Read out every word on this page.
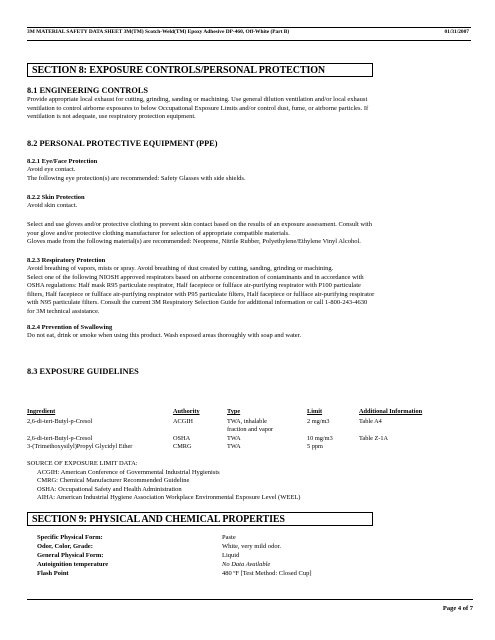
3M MATERIAL SAFETY DATA SHEET 3M(TM) Scotch-Weld(TM) Epoxy Adhesive DP-460, Off-White (Part B)	01/31/2007
SECTION 8: EXPOSURE CONTROLS/PERSONAL PROTECTION
8.1 ENGINEERING CONTROLS
Provide appropriate local exhaust for cutting, grinding, sanding or machining. Use general dilution ventilation and/or local exhaust
ventilation to control airborne exposures to below Occupational Exposure Limits and/or control dust, fume, or airborne particles. If
ventilation is not adequate, use respiratory protection equipment.
8.2 PERSONAL PROTECTIVE EQUIPMENT (PPE)
8.2.1 Eye/Face Protection
Avoid eye contact.
The following eye protection(s) are recommended: Safety Glasses with side shields.
8.2.2 Skin Protection
Avoid skin contact.
Select and use gloves and/or protective clothing to prevent skin contact based on the results of an exposure assessment. Consult with
your glove and/or protective clothing manufacturer for selection of appropriate compatible materials.
Gloves made from the following material(s) are recommended: Neoprene, Nitrile Rubber, Polyethylene/Ethylene Vinyl Alcohol.
8.2.3 Respiratory Protection
Avoid breathing of vapors, mists or spray. Avoid breathing of dust created by cutting, sanding, grinding or machining.
Select one of the following NIOSH approved respirators based on airborne concentration of contaminants and in accordance with
OSHA regulations: Half mask R95 particulate respirator, Half facepiece or fullface air-purifying respirator with P100 particulate
filters, Half facepiece or fullface air-purifying respirator with P95 particulate filters, Half facepiece or fullface air-purifying respirator
with N95 particulate filters. Consult the current 3M Respiratory Selection Guide for additional information or call 1-800-243-4630
for 3M technical assistance.
8.2.4 Prevention of Swallowing
Do not eat, drink or smoke when using this product. Wash exposed areas thoroughly with soap and water.
8.3 EXPOSURE GUIDELINES
Ingredient	Authority	Type	Limit	Additional Information
2,6-di-tert-Butyl-p-Cresol	ACGIH	TWA, inhalable	2 mg/m3	Table A4
fraction and vapor
2,6-di-tert-Butyl-p-Cresol	OSHA	TWA	10 mg/m3	Table Z-1A
3-(Trimethoxysilyl)Propyl Glycidyl Ether	CMRG	TWA	5 ppm
SOURCE OF EXPOSURE LIMIT DATA:
ACGIH: American Conference of Governmental Industrial Hygienists
CMRG: Chemical Manufacturer Recommended Guideline
OSHA: Occupational Safety and Health Administration
AIHA: American Industrial Hygiene Association Workplace Environmental Exposure Level (WEEL)
SECTION 9: PHYSICAL AND CHEMICAL PROPERTIES
Specific Physical Form:	Paste
Odor, Color, Grade:	White, very mild odor.
General Physical Form:	Liquid
Autoignition temperature	No Data Available
Flash Point	480 ºF [Test Method: Closed Cup]
Page 4 of 7
